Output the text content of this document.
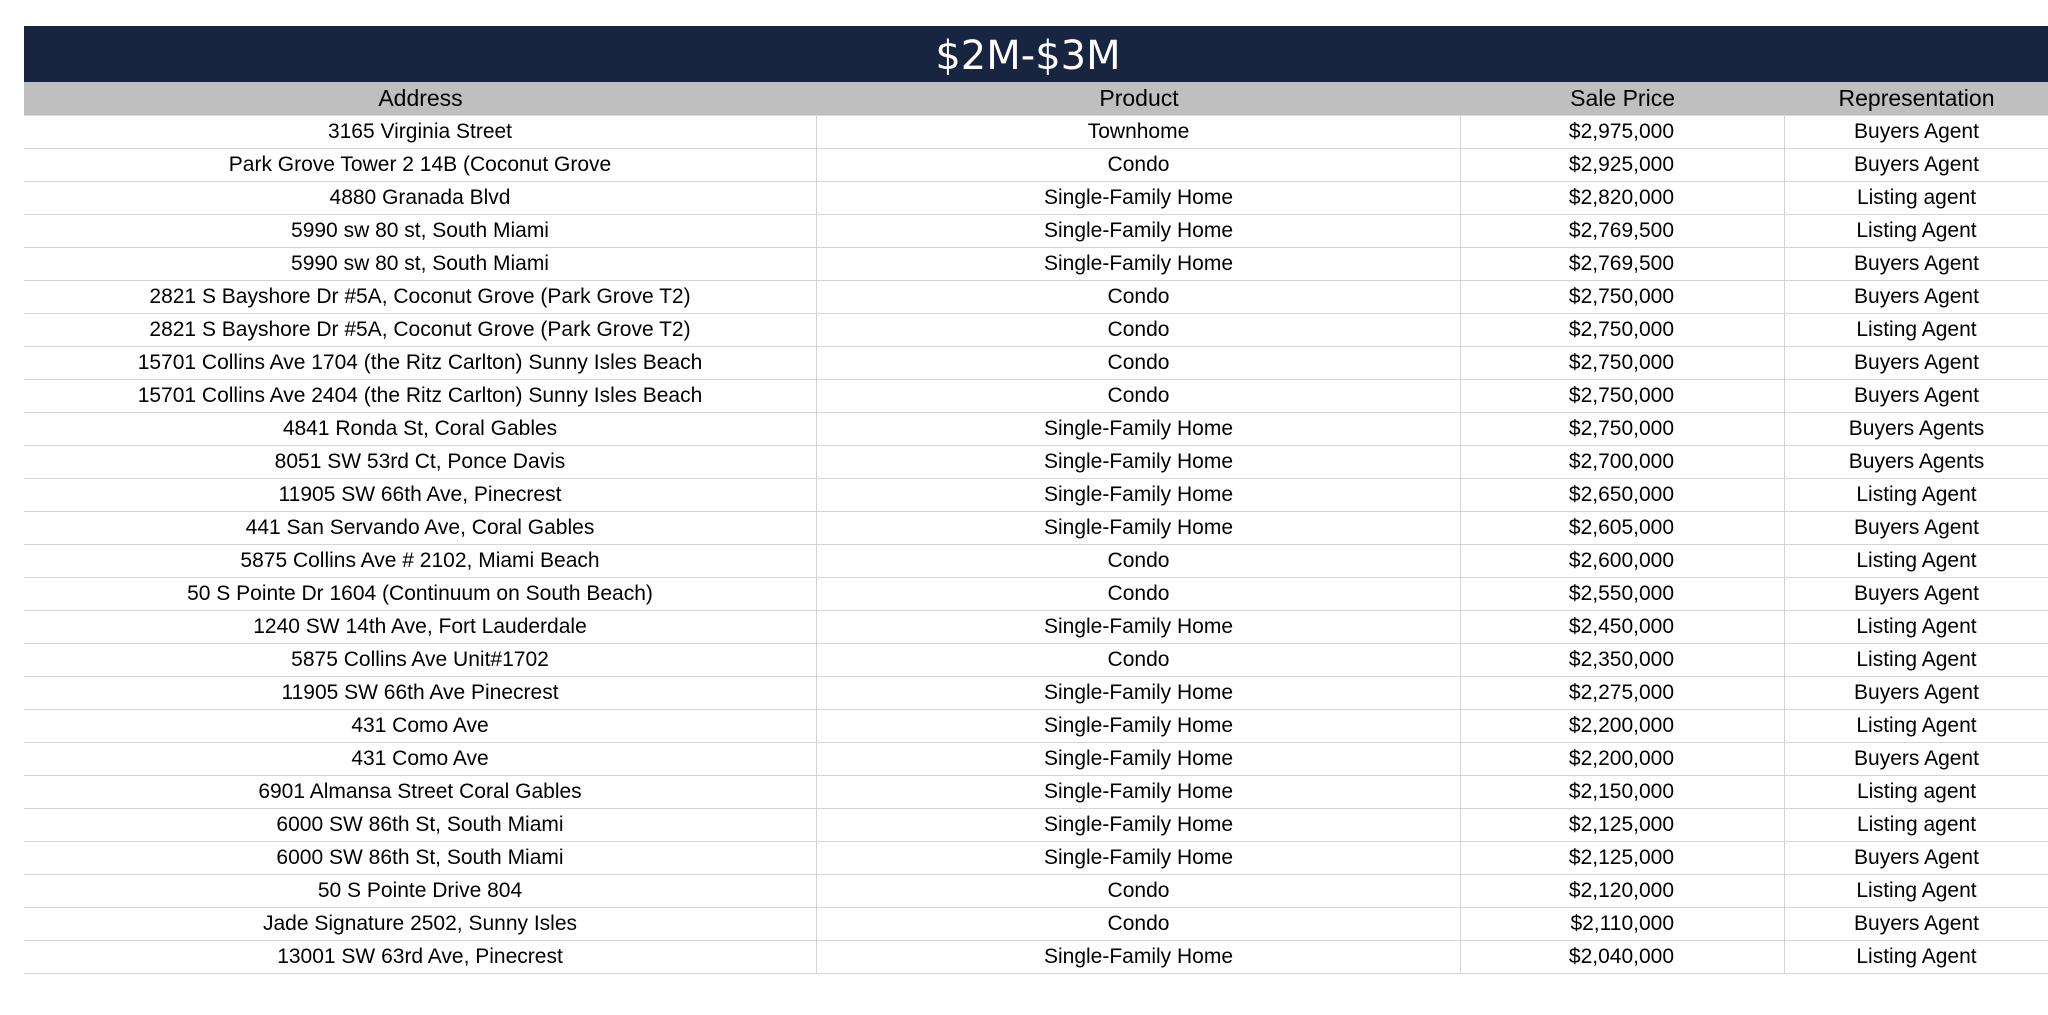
$2M-$3M
Address	Product	Sale Price	Representation
3165 Virginia Street	Townhome	$2,975,000	Buyers Agent
Park Grove Tower 2 14B (Coconut Grove	Condo	$2,925,000	Buyers Agent
4880 Granada Blvd	Single-Family Home	$2,820,000	Listing agent
5990 sw 80 st, South Miami	Single-Family Home	$2,769,500	Listing Agent
5990 sw 80 st, South Miami	Single-Family Home	$2,769,500	Buyers Agent
2821 S Bayshore Dr #5A, Coconut Grove (Park Grove T2)	Condo	$2,750,000	Buyers Agent
2821 S Bayshore Dr #5A, Coconut Grove (Park Grove T2)	Condo	$2,750,000	Listing Agent
15701 Collins Ave 1704 (the Ritz Carlton) Sunny Isles Beach	Condo	$2,750,000	Buyers Agent
15701 Collins Ave 2404 (the Ritz Carlton) Sunny Isles Beach	Condo	$2,750,000	Buyers Agent
4841 Ronda St, Coral Gables	Single-Family Home	$2,750,000	Buyers Agents
8051 SW 53rd Ct, Ponce Davis	Single-Family Home	$2,700,000	Buyers Agents
11905 SW 66th Ave, Pinecrest	Single-Family Home	$2,650,000	Listing Agent
441 San Servando Ave, Coral Gables	Single-Family Home	$2,605,000	Buyers Agent
5875 Collins Ave # 2102, Miami Beach	Condo	$2,600,000	Listing Agent
50 S Pointe Dr 1604 (Continuum on South Beach)	Condo	$2,550,000	Buyers Agent
1240 SW 14th Ave, Fort Lauderdale	Single-Family Home	$2,450,000	Listing Agent
5875 Collins Ave Unit#1702	Condo	$2,350,000	Listing Agent
11905 SW 66th Ave Pinecrest	Single-Family Home	$2,275,000	Buyers Agent
431 Como Ave	Single-Family Home	$2,200,000	Listing Agent
431 Como Ave	Single-Family Home	$2,200,000	Buyers Agent
6901 Almansa Street Coral Gables	Single-Family Home	$2,150,000	Listing agent
6000 SW 86th St, South Miami	Single-Family Home	$2,125,000	Listing agent
6000 SW 86th St, South Miami	Single-Family Home	$2,125,000	Buyers Agent
50 S Pointe Drive 804	Condo	$2,120,000	Listing Agent
Jade Signature 2502, Sunny Isles	Condo	$2,110,000	Buyers Agent
13001 SW 63rd Ave, Pinecrest	Single-Family Home	$2,040,000	Listing Agent
